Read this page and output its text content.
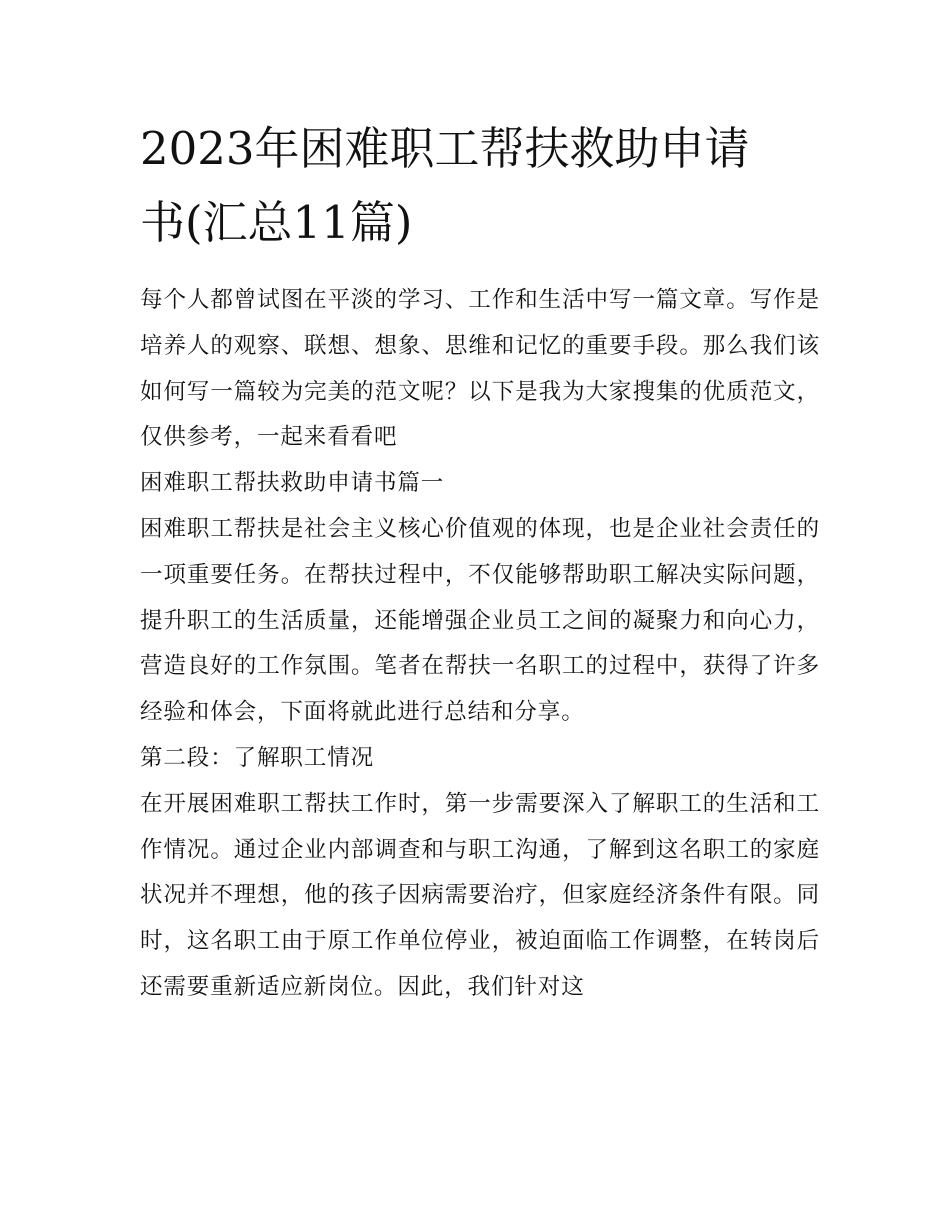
2023年困难职工帮扶救助申请
书(汇总11篇)

每个人都曾试图在平淡的学习、工作和生活中写一篇文章。写作是培养人的观察、联想、想象、思维和记忆的重要手段。那么我们该如何写一篇较为完美的范文呢？以下是我为大家搜集的优质范文，仅供参考，一起来看看吧

困难职工帮扶救助申请书篇一

困难职工帮扶是社会主义核心价值观的体现，也是企业社会责任的一项重要任务。在帮扶过程中，不仅能够帮助职工解决实际问题，提升职工的生活质量，还能增强企业员工之间的凝聚力和向心力，营造良好的工作氛围。笔者在帮扶一名职工的过程中，获得了许多经验和体会，下面将就此进行总结和分享。

第二段：了解职工情况

在开展困难职工帮扶工作时，第一步需要深入了解职工的生活和工作情况。通过企业内部调查和与职工沟通，了解到这名职工的家庭状况并不理想，他的孩子因病需要治疗，但家庭经济条件有限。同时，这名职工由于原工作单位停业，被迫面临工作调整，在转岗后还需要重新适应新岗位。因此，我们针对这
